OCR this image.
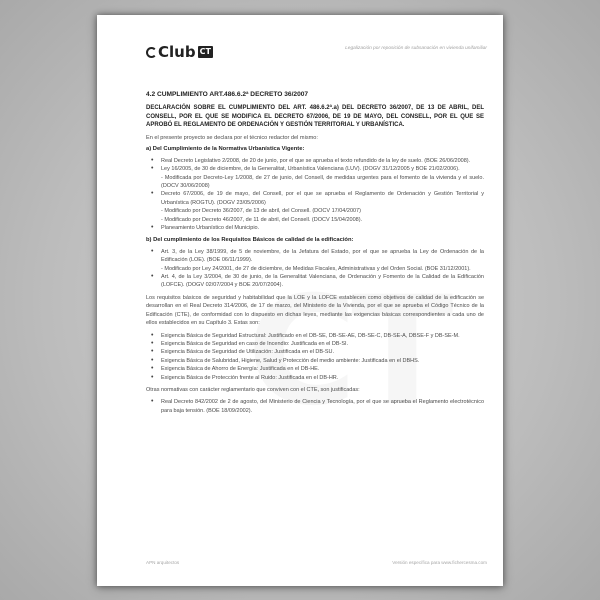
Club CT	Legalización por reposición de subsanación en vivienda unifamiliar
4.2 CUMPLIMIENTO ART.486.6.2ª DECRETO 36/2007
DECLARACIÓN SOBRE EL CUMPLIMIENTO DEL ART. 486.6.2ª.a) DEL DECRETO 36/2007, DE 13 DE ABRIL, DEL CONSELL, POR EL QUE SE MODIFICA EL DECRETO 67/2006, DE 19 DE MAYO, DEL CONSELL, POR EL QUE SE APROBÓ EL REGLAMENTO DE ORDENACIÓN Y GESTIÓN TERRITORIAL Y URBANÍSTICA.
En el presente proyecto se declara por el técnico redactor del mismo:
a) Del Cumplimiento de la Normativa Urbanística Vigente:
• Real Decreto Legislativo 2/2008, de 20 de junio, por el que se aprueba el texto refundido de la ley de suelo. (BOE 26/06/2008).
• Ley 16/2005, de 30 de diciembre, de la Generalitat, Urbanística Valenciana (LUV). (DOGV 31/12/2005 y BOE 21/02/2006).
- Modificada por Decreto-Ley 1/2008, de 27 de junio, del Consell, de medidas urgentes para el fomento de la vivienda y el suelo. (DOCV 30/06/2008)
• Decreto 67/2006, de 19 de mayo, del Consell, por el que se aprueba el Reglamento de Ordenación y Gestión Territorial y Urbanística (ROGTU). (DOGV 23/05/2006)
- Modificado por Decreto 36/2007, de 13 de abril, del Consell. (DOCV 17/04/2007)
- Modificado por Decreto 46/2007, de 11 de abril, del Consell. (DOCV 15/04/2008).
• Planeamiento Urbanístico del Municipio.
b) Del cumplimiento de los Requisitos Básicos de calidad de la edificación:
• Art. 3, de la Ley 38/1999, de 5 de noviembre, de la Jefatura del Estado, por el que se aprueba la Ley de Ordenación de la Edificación (LOE). (BOE 06/11/1999).
- Modificado por Ley 24/2001, de 27 de diciembre, de Medidas Fiscales, Administrativas y del Orden Social. (BOE 31/12/2001).
• Art. 4, de la Ley 3/2004, de 30 de junio, de la Generalitat Valenciana, de Ordenación y Fomento de la Calidad de la Edificación (LOFCE). (DOGV 02/07/2004 y BOE 20/07/2004).
Los requisitos básicos de seguridad y habitabilidad que la LOE y la LOFCE establecen como objetivos de calidad de la edificación se desarrollan en el Real Decreto 314/2006, de 17 de marzo, del Ministerio de la Vivienda, por el que se aprueba el Código Técnico de la Edificación (CTE), de conformidad con lo dispuesto en dichas leyes, mediante las exigencias básicas correspondientes a cada uno de ellos establecidos en su Capítulo 3. Estas son:
• Exigencia Básica de Seguridad Estructural: Justificado en el DB-SE, DB-SE-AE, DB-SE-C, DB-SE-A, DBSE-F y DB-SE-M.
• Exigencia Básica de Seguridad en caso de Incendio: Justificada en el DB-SI.
• Exigencia Básica de Seguridad de Utilización: Justificada en el DB-SU.
• Exigencia Básica de Salubridad, Higiene, Salud y Protección del medio ambiente: Justificada en el DBHS.
• Exigencia Básica de Ahorro de Energía: Justificada en el DB-HE.
• Exigencia Básica de Protección frente al Ruido: Justificada en el DB-HR.
Otras normativas con carácter reglamentario que conviven con el CTE, son justificadas:
• Real Decreto 842/2002 de 2 de agosto, del Ministerio de Ciencia y Tecnología, por el que se aprueba el Reglamento electrotécnico para baja tensión. (BOE 18/09/2002).
APN arquitectos	Versión específica para www.fichercesma.com
